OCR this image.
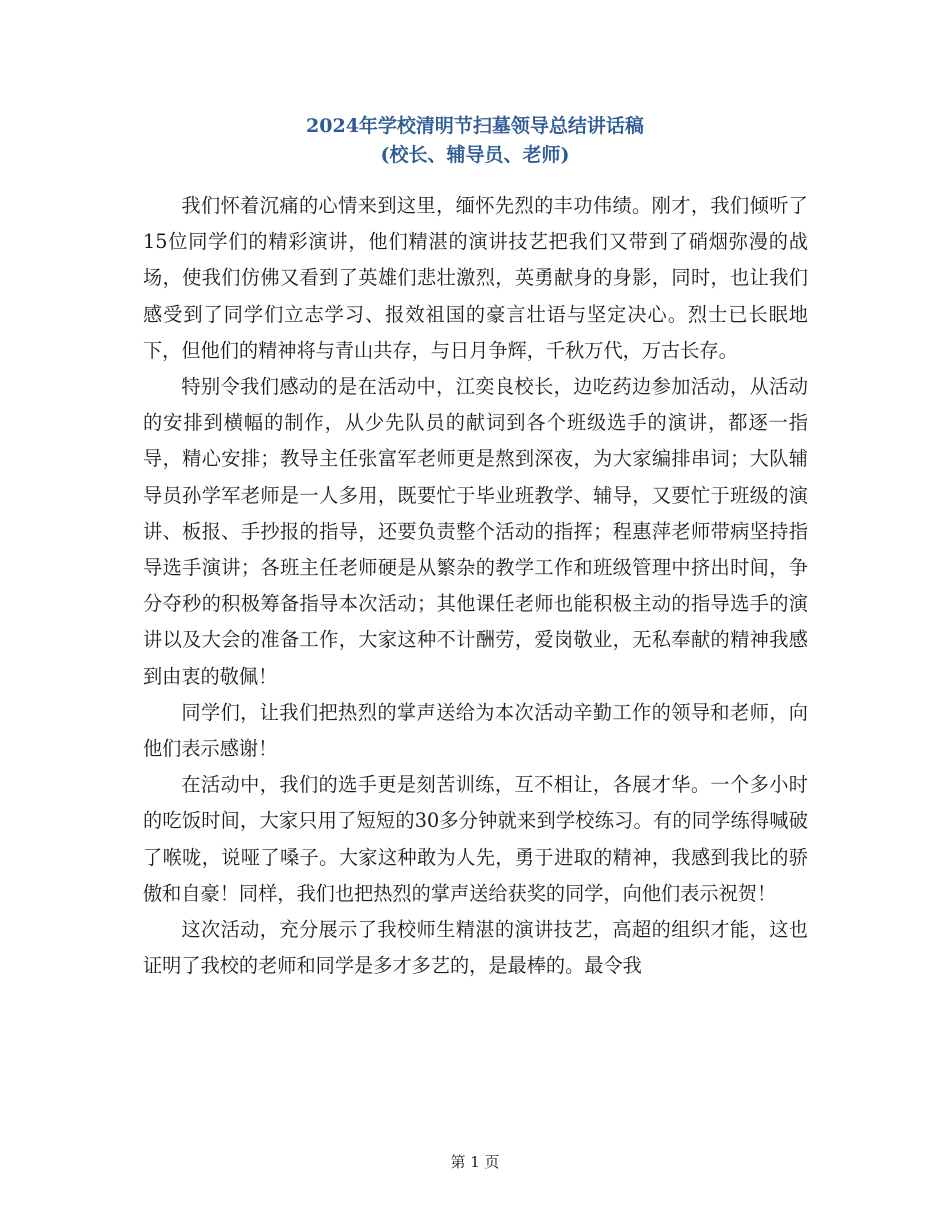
2024年学校清明节扫墓领导总结讲话稿
(校长、辅导员、老师)

我们怀着沉痛的心情来到这里，缅怀先烈的丰功伟绩。刚才，我们倾听了15位同学们的精彩演讲，他们精湛的演讲技艺把我们又带到了硝烟弥漫的战场，使我们仿佛又看到了英雄们悲壮激烈，英勇献身的身影，同时，也让我们感受到了同学们立志学习、报效祖国的豪言壮语与坚定决心。烈士已长眠地下，但他们的精神将与青山共存，与日月争辉，千秋万代，万古长存。

特别令我们感动的是在活动中，江奕良校长，边吃药边参加活动，从活动的安排到横幅的制作，从少先队员的献词到各个班级选手的演讲，都逐一指导，精心安排；教导主任张富军老师更是熬到深夜，为大家编排串词；大队辅导员孙学军老师是一人多用，既要忙于毕业班教学、辅导，又要忙于班级的演讲、板报、手抄报的指导，还要负责整个活动的指挥；程惠萍老师带病坚持指导选手演讲；各班主任老师硬是从繁杂的教学工作和班级管理中挤出时间，争分夺秒的积极筹备指导本次活动；其他课任老师也能积极主动的指导选手的演讲以及大会的准备工作，大家这种不计酬劳，爱岗敬业，无私奉献的精神我感到由衷的敬佩！

同学们，让我们把热烈的掌声送给为本次活动辛勤工作的领导和老师，向他们表示感谢！

在活动中，我们的选手更是刻苦训练，互不相让，各展才华。一个多小时的吃饭时间，大家只用了短短的30多分钟就来到学校练习。有的同学练得喊破了喉咙，说哑了嗓子。大家这种敢为人先，勇于进取的精神，我感到我比的骄傲和自豪！同样，我们也把热烈的掌声送给获奖的同学，向他们表示祝贺！

这次活动，充分展示了我校师生精湛的演讲技艺，高超的组织才能，这也证明了我校的老师和同学是多才多艺的，是最棒的。最令我

第 1 页
